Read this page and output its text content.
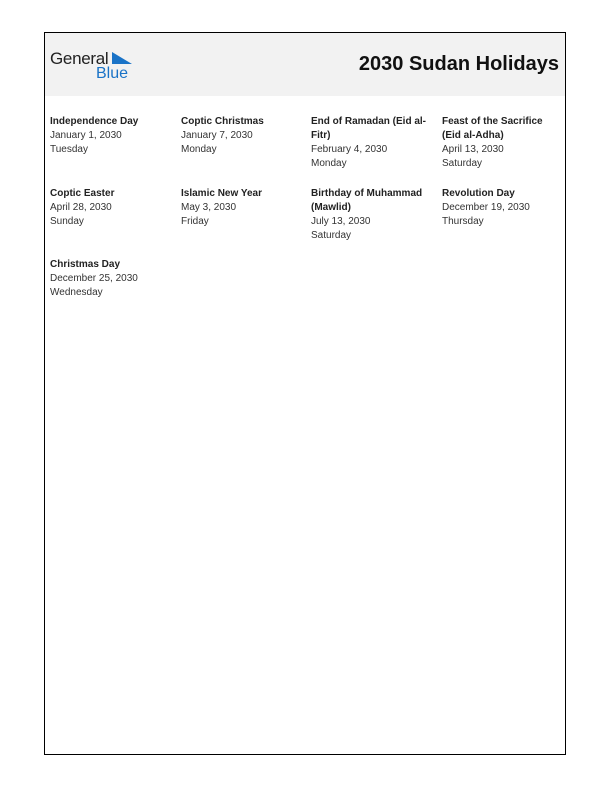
General
Blue	2030 Sudan Holidays
Independence Day
January 1, 2030
Tuesday
Coptic Christmas
January 7, 2030
Monday
End of Ramadan (Eid al-Fitr)
February 4, 2030
Monday
Feast of the Sacrifice (Eid al-Adha)
April 13, 2030
Saturday
Coptic Easter
April 28, 2030
Sunday
Islamic New Year
May 3, 2030
Friday
Birthday of Muhammad (Mawlid)
July 13, 2030
Saturday
Revolution Day
December 19, 2030
Thursday
Christmas Day
December 25, 2030
Wednesday
